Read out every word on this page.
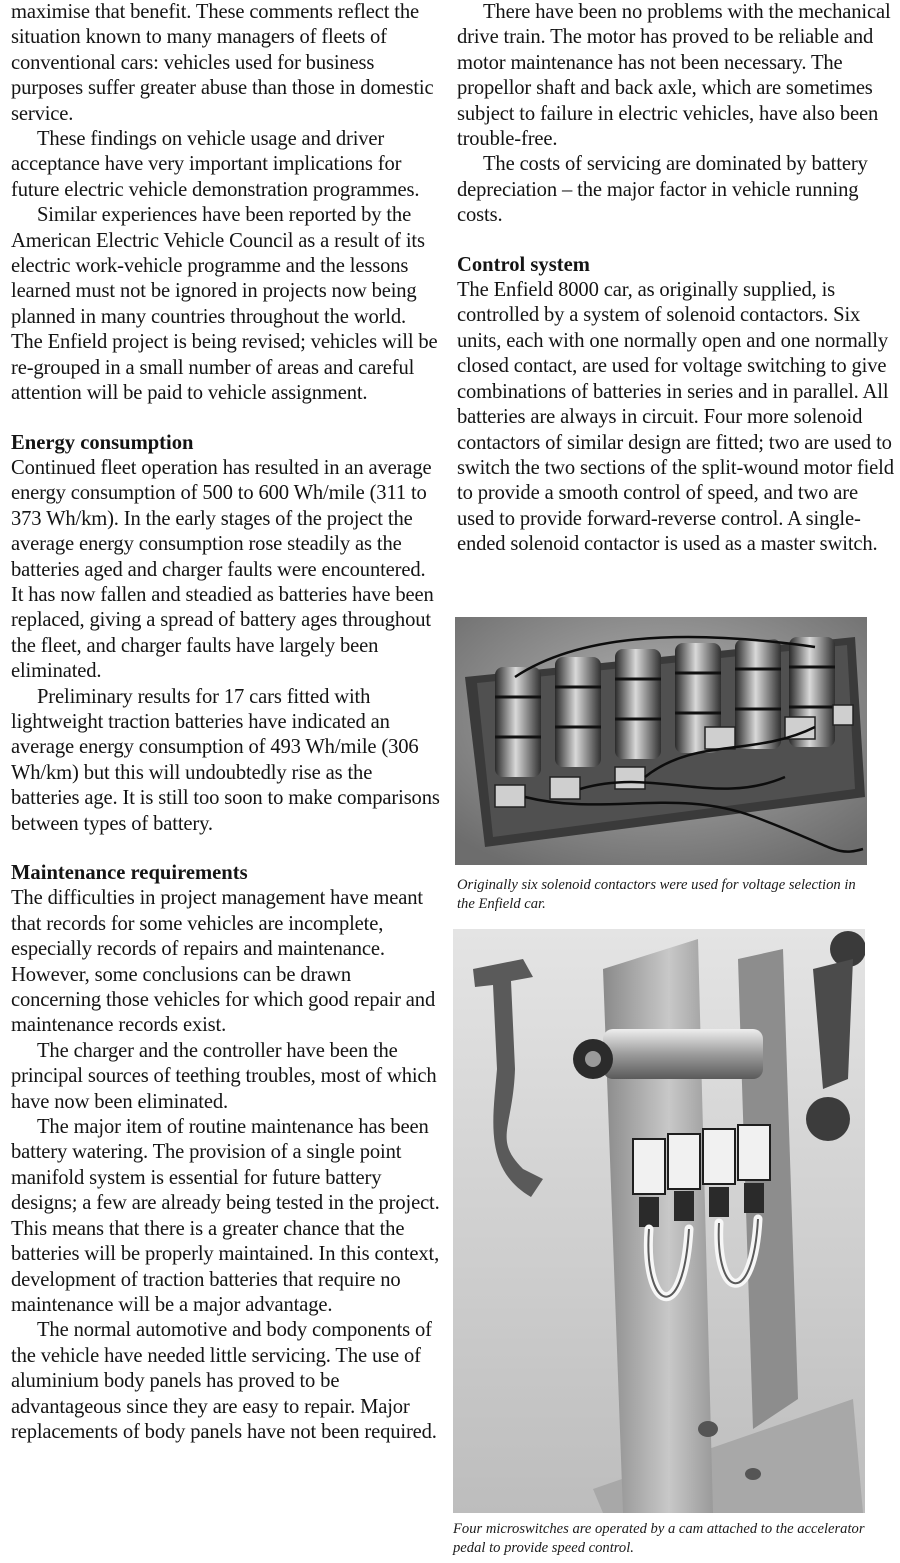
maximise that benefit. These comments reflect the situation known to many managers of fleets of conventional cars: vehicles used for business purposes suffer greater abuse than those in domestic service.

These findings on vehicle usage and driver acceptance have very important implications for future electric vehicle demonstration programmes.

Similar experiences have been reported by the American Electric Vehicle Council as a result of its electric work-vehicle programme and the lessons learned must not be ignored in projects now being planned in many countries throughout the world. The Enfield project is being revised; vehicles will be re-grouped in a small number of areas and careful attention will be paid to vehicle assignment.

Energy consumption

Continued fleet operation has resulted in an average energy consumption of 500 to 600 Wh/mile (311 to 373 Wh/km). In the early stages of the project the average energy consumption rose steadily as the batteries aged and charger faults were encountered. It has now fallen and steadied as batteries have been replaced, giving a spread of battery ages throughout the fleet, and charger faults have largely been eliminated.

Preliminary results for 17 cars fitted with lightweight traction batteries have indicated an average energy consumption of 493 Wh/mile (306 Wh/km) but this will undoubtedly rise as the batteries age. It is still too soon to make comparisons between types of battery.

Maintenance requirements

The difficulties in project management have meant that records for some vehicles are incomplete, especially records of repairs and maintenance. However, some conclusions can be drawn concerning those vehicles for which good repair and maintenance records exist.

The charger and the controller have been the principal sources of teething troubles, most of which have now been eliminated.

The major item of routine maintenance has been battery watering. The provision of a single point manifold system is essential for future battery designs; a few are already being tested in the project. This means that there is a greater chance that the batteries will be properly maintained. In this context, development of traction batteries that require no maintenance will be a major advantage.

The normal automotive and body components of the vehicle have needed little servicing. The use of aluminium body panels has proved to be advantageous since they are easy to repair. Major replacements of body panels have not been required.

There have been no problems with the mechanical drive train. The motor has proved to be reliable and motor maintenance has not been necessary. The propellor shaft and back axle, which are sometimes subject to failure in electric vehicles, have also been trouble-free.

The costs of servicing are dominated by battery depreciation – the major factor in vehicle running costs.

Control system

The Enfield 8000 car, as originally supplied, is controlled by a system of solenoid contactors. Six units, each with one normally open and one normally closed contact, are used for voltage switching to give combinations of batteries in series and in parallel. All batteries are always in circuit. Four more solenoid contactors of similar design are fitted; two are used to switch the two sections of the split-wound motor field to provide a smooth control of speed, and two are used to provide forward-reverse control. A single-ended solenoid contactor is used as a master switch.

Originally six solenoid contactors were used for voltage selection in the Enfield car.
Four microswitches are operated by a cam attached to the accelerator pedal to provide speed control.
